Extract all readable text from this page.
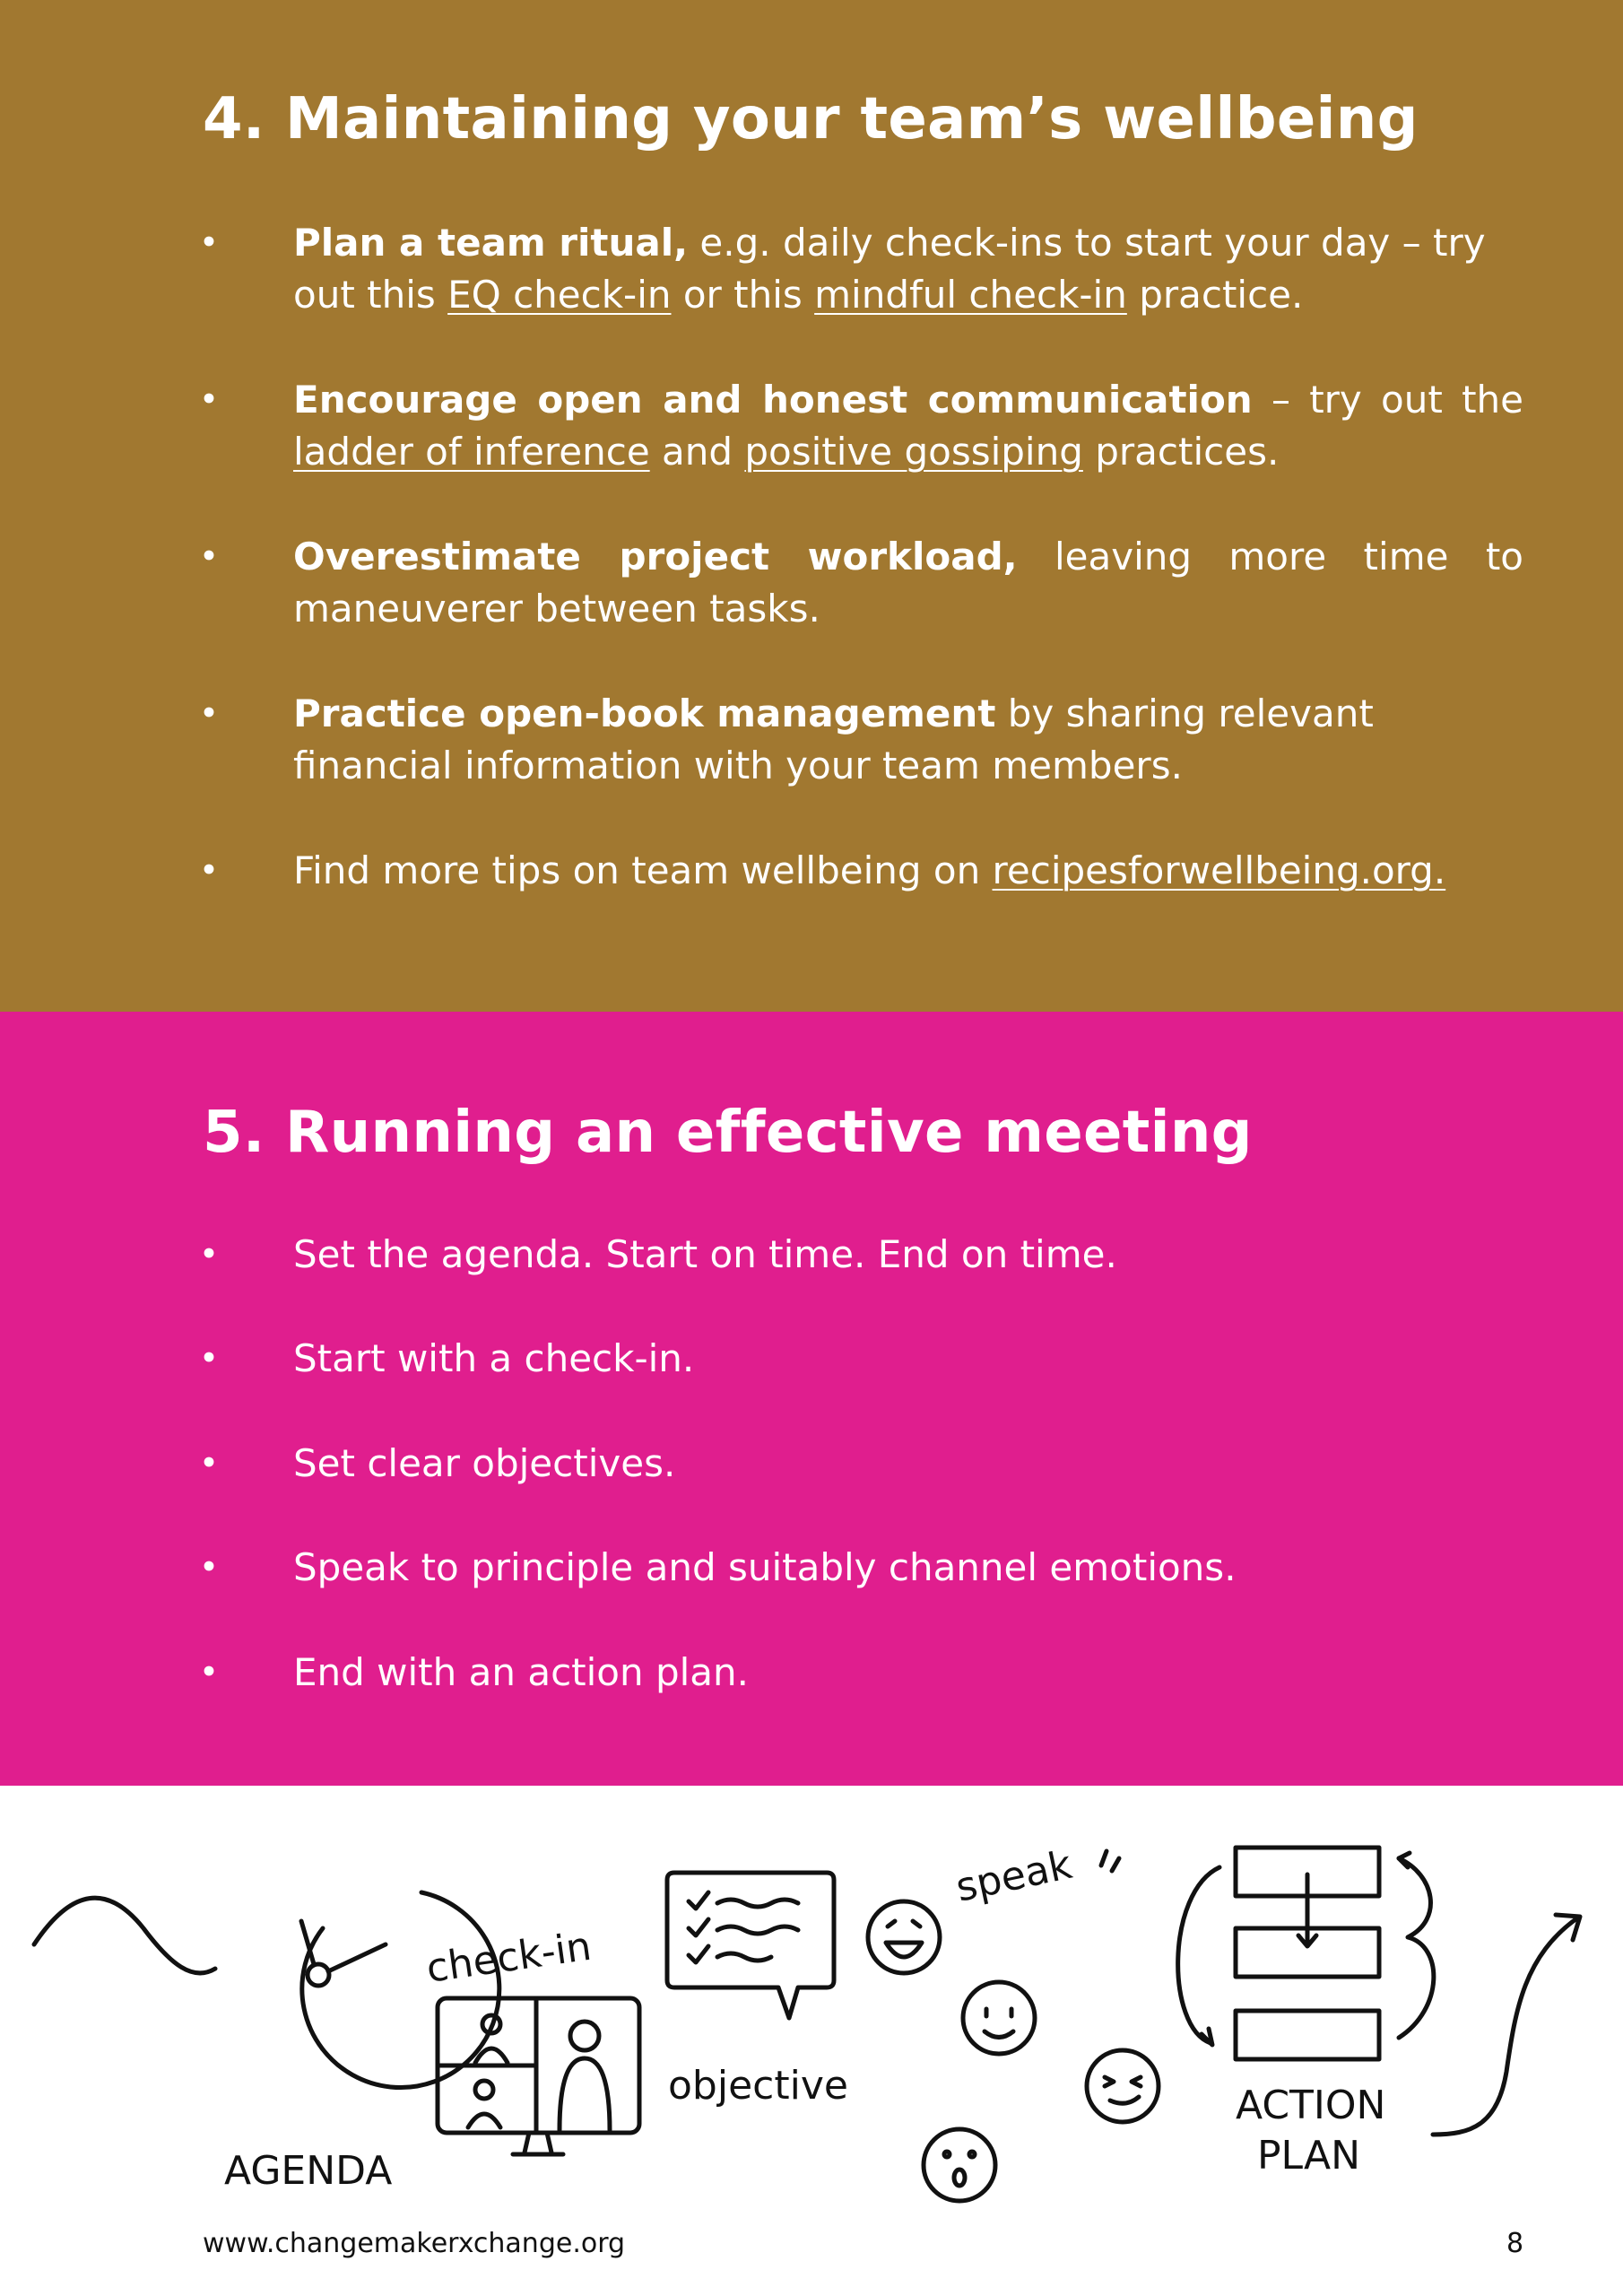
4. Maintaining your team’s wellbeing
Plan a team ritual, e.g. daily check-ins to start your day – try out this EQ check-in or this mindful check-in practice.
Encourage open and honest communication – try out the ladder of inference and positive gossiping practices.
Overestimate project workload, leaving more time to maneuverer between tasks.
Practice open-book management by sharing relevant financial information with your team members.
Find more tips on team wellbeing on recipesforwellbeing.org.
5. Running an effective meeting
Set the agenda. Start on time. End on time.
Start with a check-in.
Set clear objectives.
Speak to principle and suitably channel emotions.
End with an action plan.
AGENDA
check-in
objective
speak
ACTION
PLAN
www.changemakerxchange.org	8
